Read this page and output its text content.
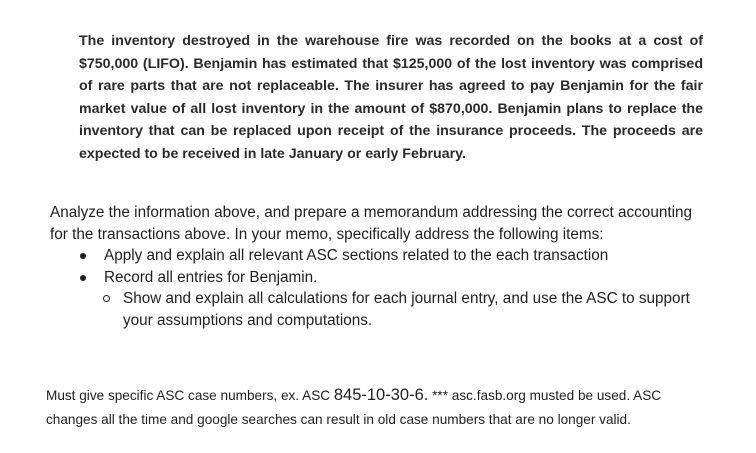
The inventory destroyed in the warehouse fire was recorded on the books at a cost of
$750,000 (LIFO). Benjamin has estimated that $125,000 of the lost inventory was comprised
of rare parts that are not replaceable. The insurer has agreed to pay Benjamin for the fair
market value of all lost inventory in the amount of $870,000. Benjamin plans to replace the
inventory that can be replaced upon receipt of the insurance proceeds. The proceeds are
expected to be received in late January or early February.
Analyze the information above, and prepare a memorandum addressing the correct accounting
for the transactions above. In your memo, specifically address the following items:
Apply and explain all relevant ASC sections related to the each transaction
Record all entries for Benjamin.
Show and explain all calculations for each journal entry, and use the ASC to support
your assumptions and computations.
Must give specific ASC case numbers, ex. ASC 845-10-30-6. *** asc.fasb.org musted be used. ASC
changes all the time and google searches can result in old case numbers that are no longer valid.
